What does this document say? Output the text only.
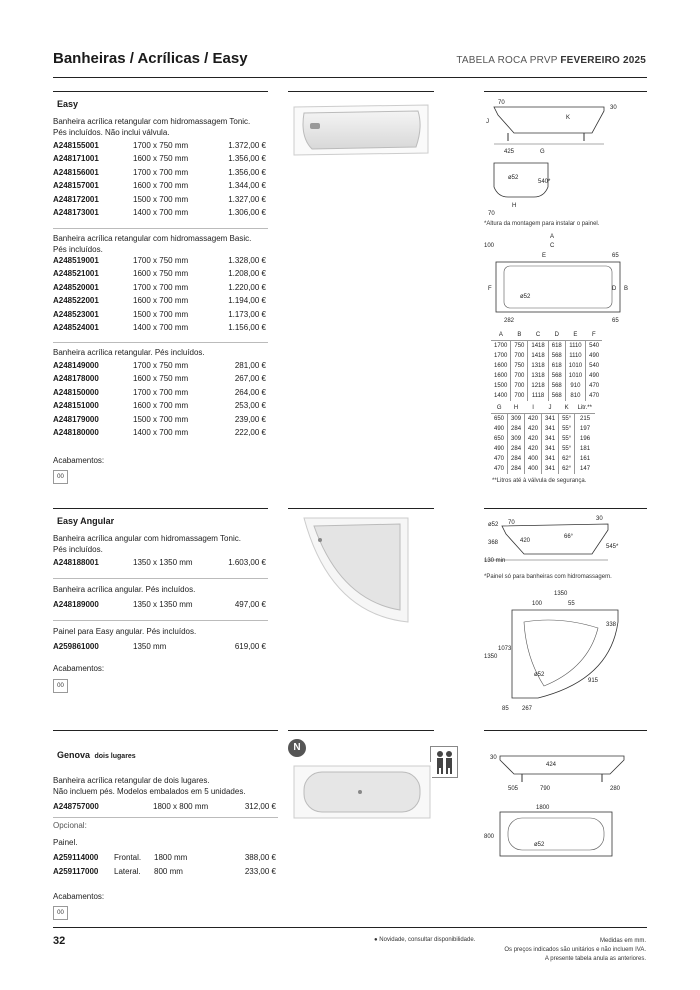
Banheiras / Acrílicas / Easy	TABELA ROCA PRVP FEVEREIRO 2025
Easy
Banheira acrílica retangular com hidromassagem Tonic.
Pés incluídos. Não inclui válvula.
A248155001	1700 x 750 mm	1.372,00 €
A248171001	1600 x 750 mm	1.356,00 €
A248156001	1700 x 700 mm	1.356,00 €
A248157001	1600 x 700 mm	1.344,00 €
A248172001	1500 x 700 mm	1.327,00 €
A248173001	1400 x 700 mm	1.306,00 €
Banheira acrílica retangular com hidromassagem Basic.
Pés incluídos.
A248519001	1700 x 750 mm	1.328,00 €
A248521001	1600 x 750 mm	1.208,00 €
A248520001	1700 x 700 mm	1.220,00 €
A248522001	1600 x 700 mm	1.194,00 €
A248523001	1500 x 700 mm	1.173,00 €
A248524001	1400 x 700 mm	1.156,00 €
Banheira acrílica retangular. Pés incluídos.
A248149000	1700 x 750 mm	281,00 €
A248178000	1600 x 750 mm	267,00 €
A248150000	1700 x 700 mm	264,00 €
A248151000	1600 x 700 mm	253,00 €
A248179000	1500 x 700 mm	239,00 €
A248180000	1400 x 700 mm	222,00 €
Acabamentos:
00
70
30
J
K
425	G
ø52
540*
H
70
*Altura da montagem para instalar o painel.
A
100	C
E	65
F	D B
ø52
282	65
A	B	C	D	E	F
1700	750	1418	618	1110	540
1700	700	1418	568	1110	490
1600	750	1318	618	1010	540
1600	700	1318	568	1010	490
1500	700	1218	568	910	470
1400	700	1118	568	810	470
G	H	I	J	K	Litr.**
650	309	420	341	55°	215
490	284	420	341	55°	197
650	309	420	341	55°	196
490	284	420	341	55°	181
470	284	400	341	62°	161
470	284	400	341	62°	147
**Litros até à válvula de segurança.
Easy Angular
Banheira acrílica angular com hidromassagem Tonic.
Pés incluídos.
A248188001	1350 x 1350 mm	1.603,00 €
Banheira acrílica angular. Pés incluídos.
A248189000	1350 x 1350 mm	497,00 €
Painel para Easy angular. Pés incluídos.
A259861000	1350 mm	619,00 €
Acabamentos:
00
ø52 70
30
420
66°
368
545*
130 min
*Painel só para banheiras com hidromassagem.
1350
100	55
338
1073
1350
915
ø52
85 267
Genova dois lugares
Banheira acrílica retangular de dois lugares.
Não incluem pés. Modelos embalados em 5 unidades.
A248757000	1800 x 800 mm	312,00 €
Opcional:
Painel.
A259114000 Frontal. 1800 mm	388,00 €
A259117000 Lateral. 800 mm	233,00 €
Acabamentos:
00
N
30
424
505	790	280
1800
800
ø52
32	● Novidade, consultar disponibilidade.	Medidas em mm.
Os preços indicados são unitários e não incluem IVA.
A presente tabela anula as anteriores.
